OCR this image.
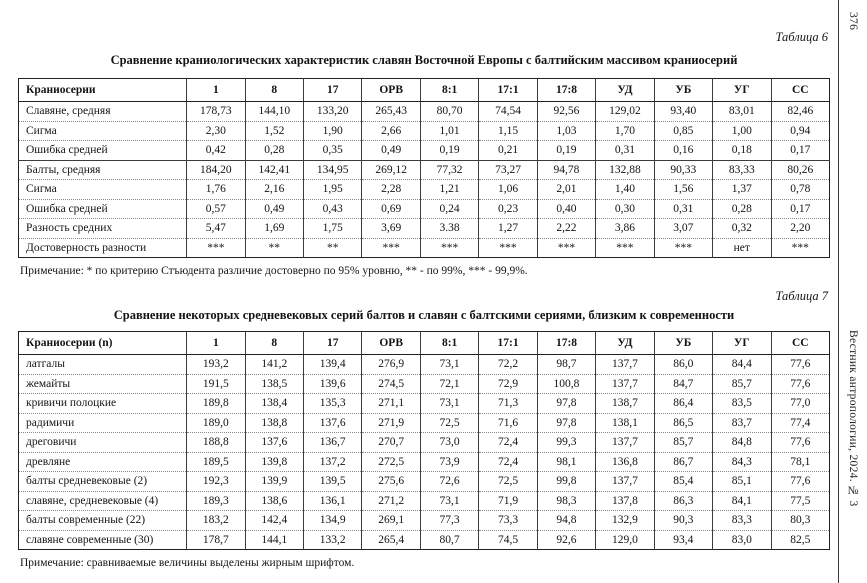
Таблица 6
Сравнение краниологических характеристик славян Восточной Европы с балтийским массивом краниосерий
Краниосерии	1	8	17	ОРВ	8:1	17:1	17:8	УД	УБ	УГ	СС
Славяне, средняя	178,73	144,10	133,20	265,43	80,70	74,54	92,56	129,02	93,40	83,01	82,46
Сигма	2,30	1,52	1,90	2,66	1,01	1,15	1,03	1,70	0,85	1,00	0,94
Ошибка средней	0,42	0,28	0,35	0,49	0,19	0,21	0,19	0,31	0,16	0,18	0,17
Балты, средняя	184,20	142,41	134,95	269,12	77,32	73,27	94,78	132,88	90,33	83,33	80,26
Сигма	1,76	2,16	1,95	2,28	1,21	1,06	2,01	1,40	1,56	1,37	0,78
Ошибка средней	0,57	0,49	0,43	0,69	0,24	0,23	0,40	0,30	0,31	0,28	0,17
Разность средних	5,47	1,69	1,75	3,69	3.38	1,27	2,22	3,86	3,07	0,32	2,20
Достоверность разности	***	**	**	***	***	***	***	***	***	нет	***

Примечание: * по критерию Стъюдента различие достоверно по 95% уровню, ** - по 99%, *** - 99,9%.

Таблица 7
Сравнение некоторых средневековых серий балтов и славян с балтскими сериями, близким к современности
Краниосерии (n)	1	8	17	ОРВ	8:1	17:1	17:8	УД	УБ	УГ	СС
латгалы	193,2	141,2	139,4	276,9	73,1	72,2	98,7	137,7	86,0	84,4	77,6
жемайты	191,5	138,5	139,6	274,5	72,1	72,9	100,8	137,7	84,7	85,7	77,6
кривичи полоцкие	189,8	138,4	135,3	271,1	73,1	71,3	97,8	138,7	86,4	83,5	77,0
радимичи	189,0	138,8	137,6	271,9	72,5	71,6	97,8	138,1	86,5	83,7	77,4
дреговичи	188,8	137,6	136,7	270,7	73,0	72,4	99,3	137,7	85,7	84,8	77,6
древляне	189,5	139,8	137,2	272,5	73,9	72,4	98,1	136,8	86,7	84,3	78,1
балты средневековые (2)	192,3	139,9	139,5	275,6	72,6	72,5	99,8	137,7	85,4	85,1	77,6
славяне, средневековые (4)	189,3	138,6	136,1	271,2	73,1	71,9	98,3	137,8	86,3	84,1	77,5
балты современные (22)	183,2	142,4	134,9	269,1	77,3	73,3	94,8	132,9	90,3	83,3	80,3
славяне современные (30)	178,7	144,1	133,2	265,4	80,7	74,5	92,6	129,0	93,4	83,0	82,5

Примечание: сравниваемые величины выделены жирным шрифтом.

376
Вестник антропологии, 2024. № 3
